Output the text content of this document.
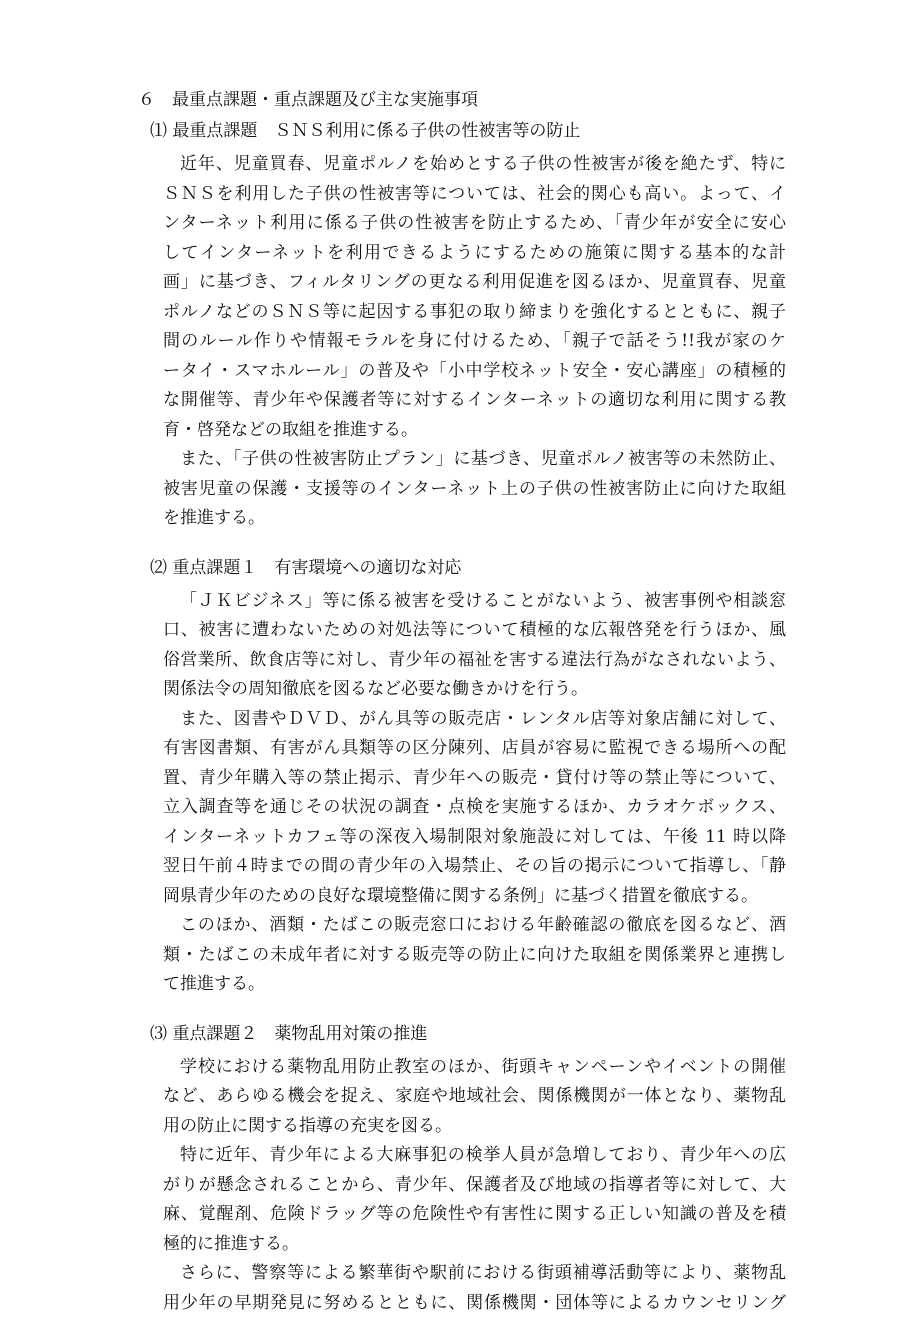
６　最重点課題・重点課題及び主な実施事項
⑴ 最重点課題　ＳＮＳ利用に係る子供の性被害等の防止

近年、児童買春、児童ポルノを始めとする子供の性被害が後を絶たず、特に

ＳＮＳを利用した子供の性被害等については、社会的関心も高い。よって、イ

ンターネット利用に係る子供の性被害を防止するため、「青少年が安全に安心

してインターネットを利用できるようにするための施策に関する基本的な計

画」に基づき、フィルタリングの更なる利用促進を図るほか、児童買春、児童

ポルノなどのＳＮＳ等に起因する事犯の取り締まりを強化するとともに、親子

間のルール作りや情報モラルを身に付けるため、「親子で話そう!!我が家のケ

ータイ・スマホルール」の普及や「小中学校ネット安全・安心講座」の積極的

な開催等、青少年や保護者等に対するインターネットの適切な利用に関する教

育・啓発などの取組を推進する。

また、「子供の性被害防止プラン」に基づき、児童ポルノ被害等の未然防止、

被害児童の保護・支援等のインターネット上の子供の性被害防止に向けた取組

を推進する。

⑵ 重点課題１　有害環境への適切な対応

「ＪＫビジネス」等に係る被害を受けることがないよう、被害事例や相談窓

口、被害に遭わないための対処法等について積極的な広報啓発を行うほか、風

俗営業所、飲食店等に対し、青少年の福祉を害する違法行為がなされないよう、

関係法令の周知徹底を図るなど必要な働きかけを行う。

また、図書やＤＶＤ、がん具等の販売店・レンタル店等対象店舗に対して、

有害図書類、有害がん具類等の区分陳列、店員が容易に監視できる場所への配

置、青少年購入等の禁止掲示、青少年への販売・貸付け等の禁止等について、

立入調査等を通じその状況の調査・点検を実施するほか、カラオケボックス、

インターネットカフェ等の深夜入場制限対象施設に対しては、午後 11 時以降

翌日午前４時までの間の青少年の入場禁止、その旨の掲示について指導し、「静

岡県青少年のための良好な環境整備に関する条例」に基づく措置を徹底する。

このほか、酒類・たばこの販売窓口における年齢確認の徹底を図るなど、酒

類・たばこの未成年者に対する販売等の防止に向けた取組を関係業界と連携し

て推進する。

⑶ 重点課題２　薬物乱用対策の推進

学校における薬物乱用防止教室のほか、街頭キャンペーンやイベントの開催

など、あらゆる機会を捉え、家庭や地域社会、関係機関が一体となり、薬物乱

用の防止に関する指導の充実を図る。

特に近年、青少年による大麻事犯の検挙人員が急増しており、青少年への広

がりが懸念されることから、青少年、保護者及び地域の指導者等に対して、大

麻、覚醒剤、危険ドラッグ等の危険性や有害性に関する正しい知識の普及を積

極的に推進する。

さらに、警察等による繁華街や駅前における街頭補導活動等により、薬物乱

用少年の早期発見に努めるとともに、関係機関・団体等によるカウンセリング
